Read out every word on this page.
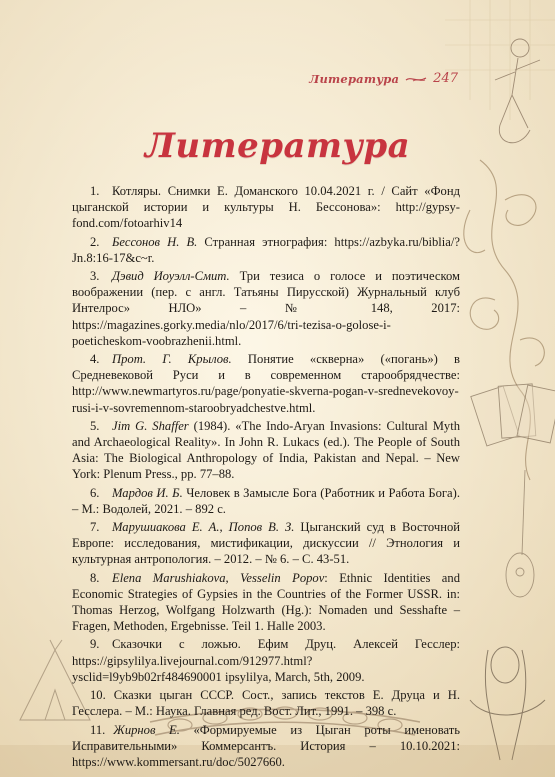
Литература	247
Литература
1. Котляры. Снимки Е. Доманского 10.04.2021 г. / Сайт «Фонд цыганской истории и культуры Н. Бессонова»: http://gypsy-fond.com/fotoarhiv14
2. Бессонов Н. В. Странная этнография: https://azbyka.ru/biblia/?Jn.8:16-17&c~r.
3. Дэвид Иоуэлл-Смит. Три тезиса о голосе и поэтическом воображении (пер. с англ. Татьяны Пирусской) Журнальный клуб Интелрос» НЛО» – № 148, 2017: https://magazines.gorky.media/nlo/2017/6/tri-tezisa-o-golose-i-poeticheskom-voobrazhenii.html.
4. Прот. Г. Крылов. Понятие «скверна» («погань») в Средневековой Руси и в современном старообрядчестве: http://www.newmartyros.ru/page/ponyatie-skverna-pogan-v-srednevekovoy-rusi-i-v-sovremennom-staroobryadchestve.html.
5. Jim G. Shaffer (1984). «The Indo-Aryan Invasions: Cultural Myth and Archaeological Reality». In John R. Lukacs (ed.). The People of South Asia: The Biological Anthropology of India, Pakistan and Nepal. – New York: Plenum Press., pp. 77–88.
6. Мардов И. Б. Человек в Замысле Бога (Работник и Работа Бога). – М.: Водолей, 2021. – 892 с.
7. Марушиакова Е. А., Попов В. З. Цыганский суд в Восточной Европе: исследования, мистификации, дискуссии // Этнология и культурная антропология. – 2012. – № 6. – С. 43-51.
8. Elena Marushiakova, Vesselin Popov: Ethnic Identities and Economic Strategies of Gypsies in the Countries of the Former USSR. in: Thomas Herzog, Wolfgang Holzwarth (Hg.): Nomaden und Sesshafte – Fragen, Methoden, Ergebnisse. Teil 1. Halle 2003.
9. Сказочки с ложью. Ефим Друц. Алексей Гесслер: https://gipsylilya.livejournal.com/912977.html?ysclid=l9yb9b02rf484690001 ipsylilya, March, 5th, 2009.
10. Сказки цыган СССР. Сост., запись текстов Е. Друца и Н. Гесслера. – М.: Наука. Главная ред. Вост. Лит., 1991. – 398 с.
11. Жирнов Е. «Формируемые из Цыган роты именовать Исправительными» Коммерсантъ. История – 10.10.2021: https://www.kommersant.ru/doc/5027660.
